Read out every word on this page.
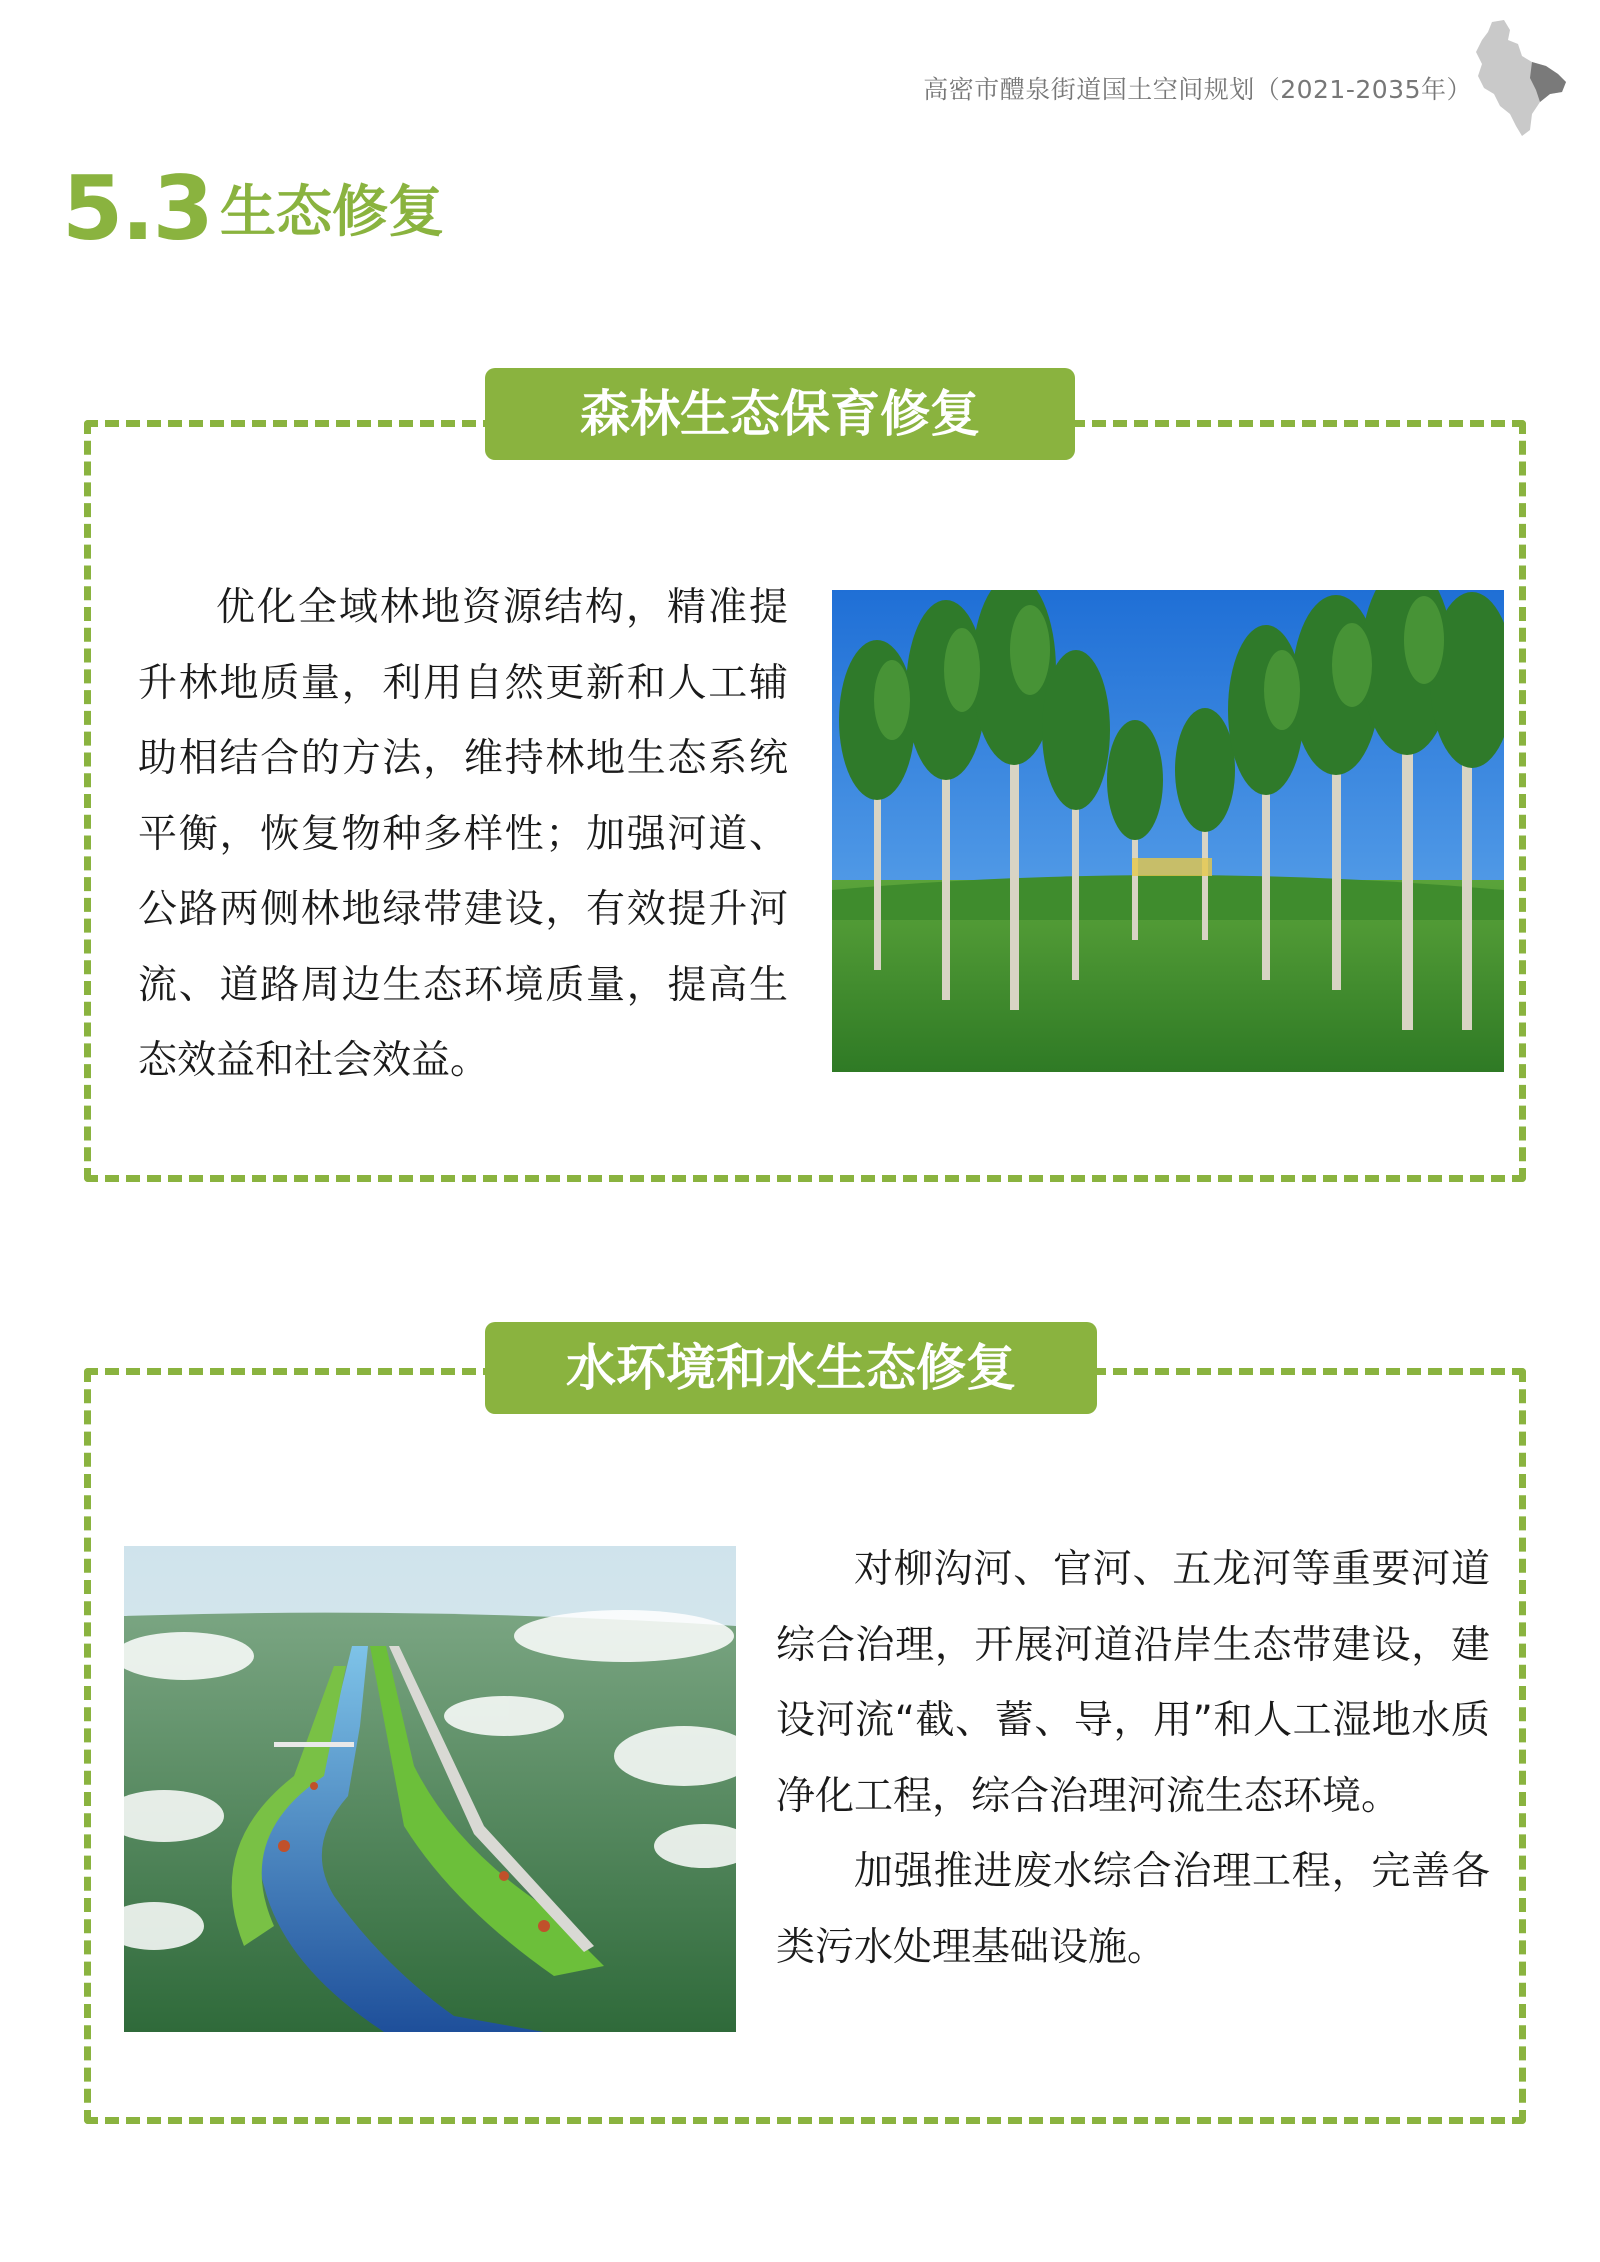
高密市醴泉街道国土空间规划（2021-2035年）
5.3 生态修复
森林生态保育修复

优化全域林地资源结构，精准提升林地质量，利用自然更新和人工辅助相结合的方法，维持林地生态系统平衡，恢复物种多样性；加强河道、公路两侧林地绿带建设，有效提升河流、道路周边生态环境质量，提高生态效益和社会效益。

水环境和水生态修复

对柳沟河、官河、五龙河等重要河道综合治理，开展河道沿岸生态带建设，建设河流“截、蓄、导，用”和人工湿地水质净化工程，综合治理河流生态环境。

加强推进废水综合治理工程，完善各类污水处理基础设施。
